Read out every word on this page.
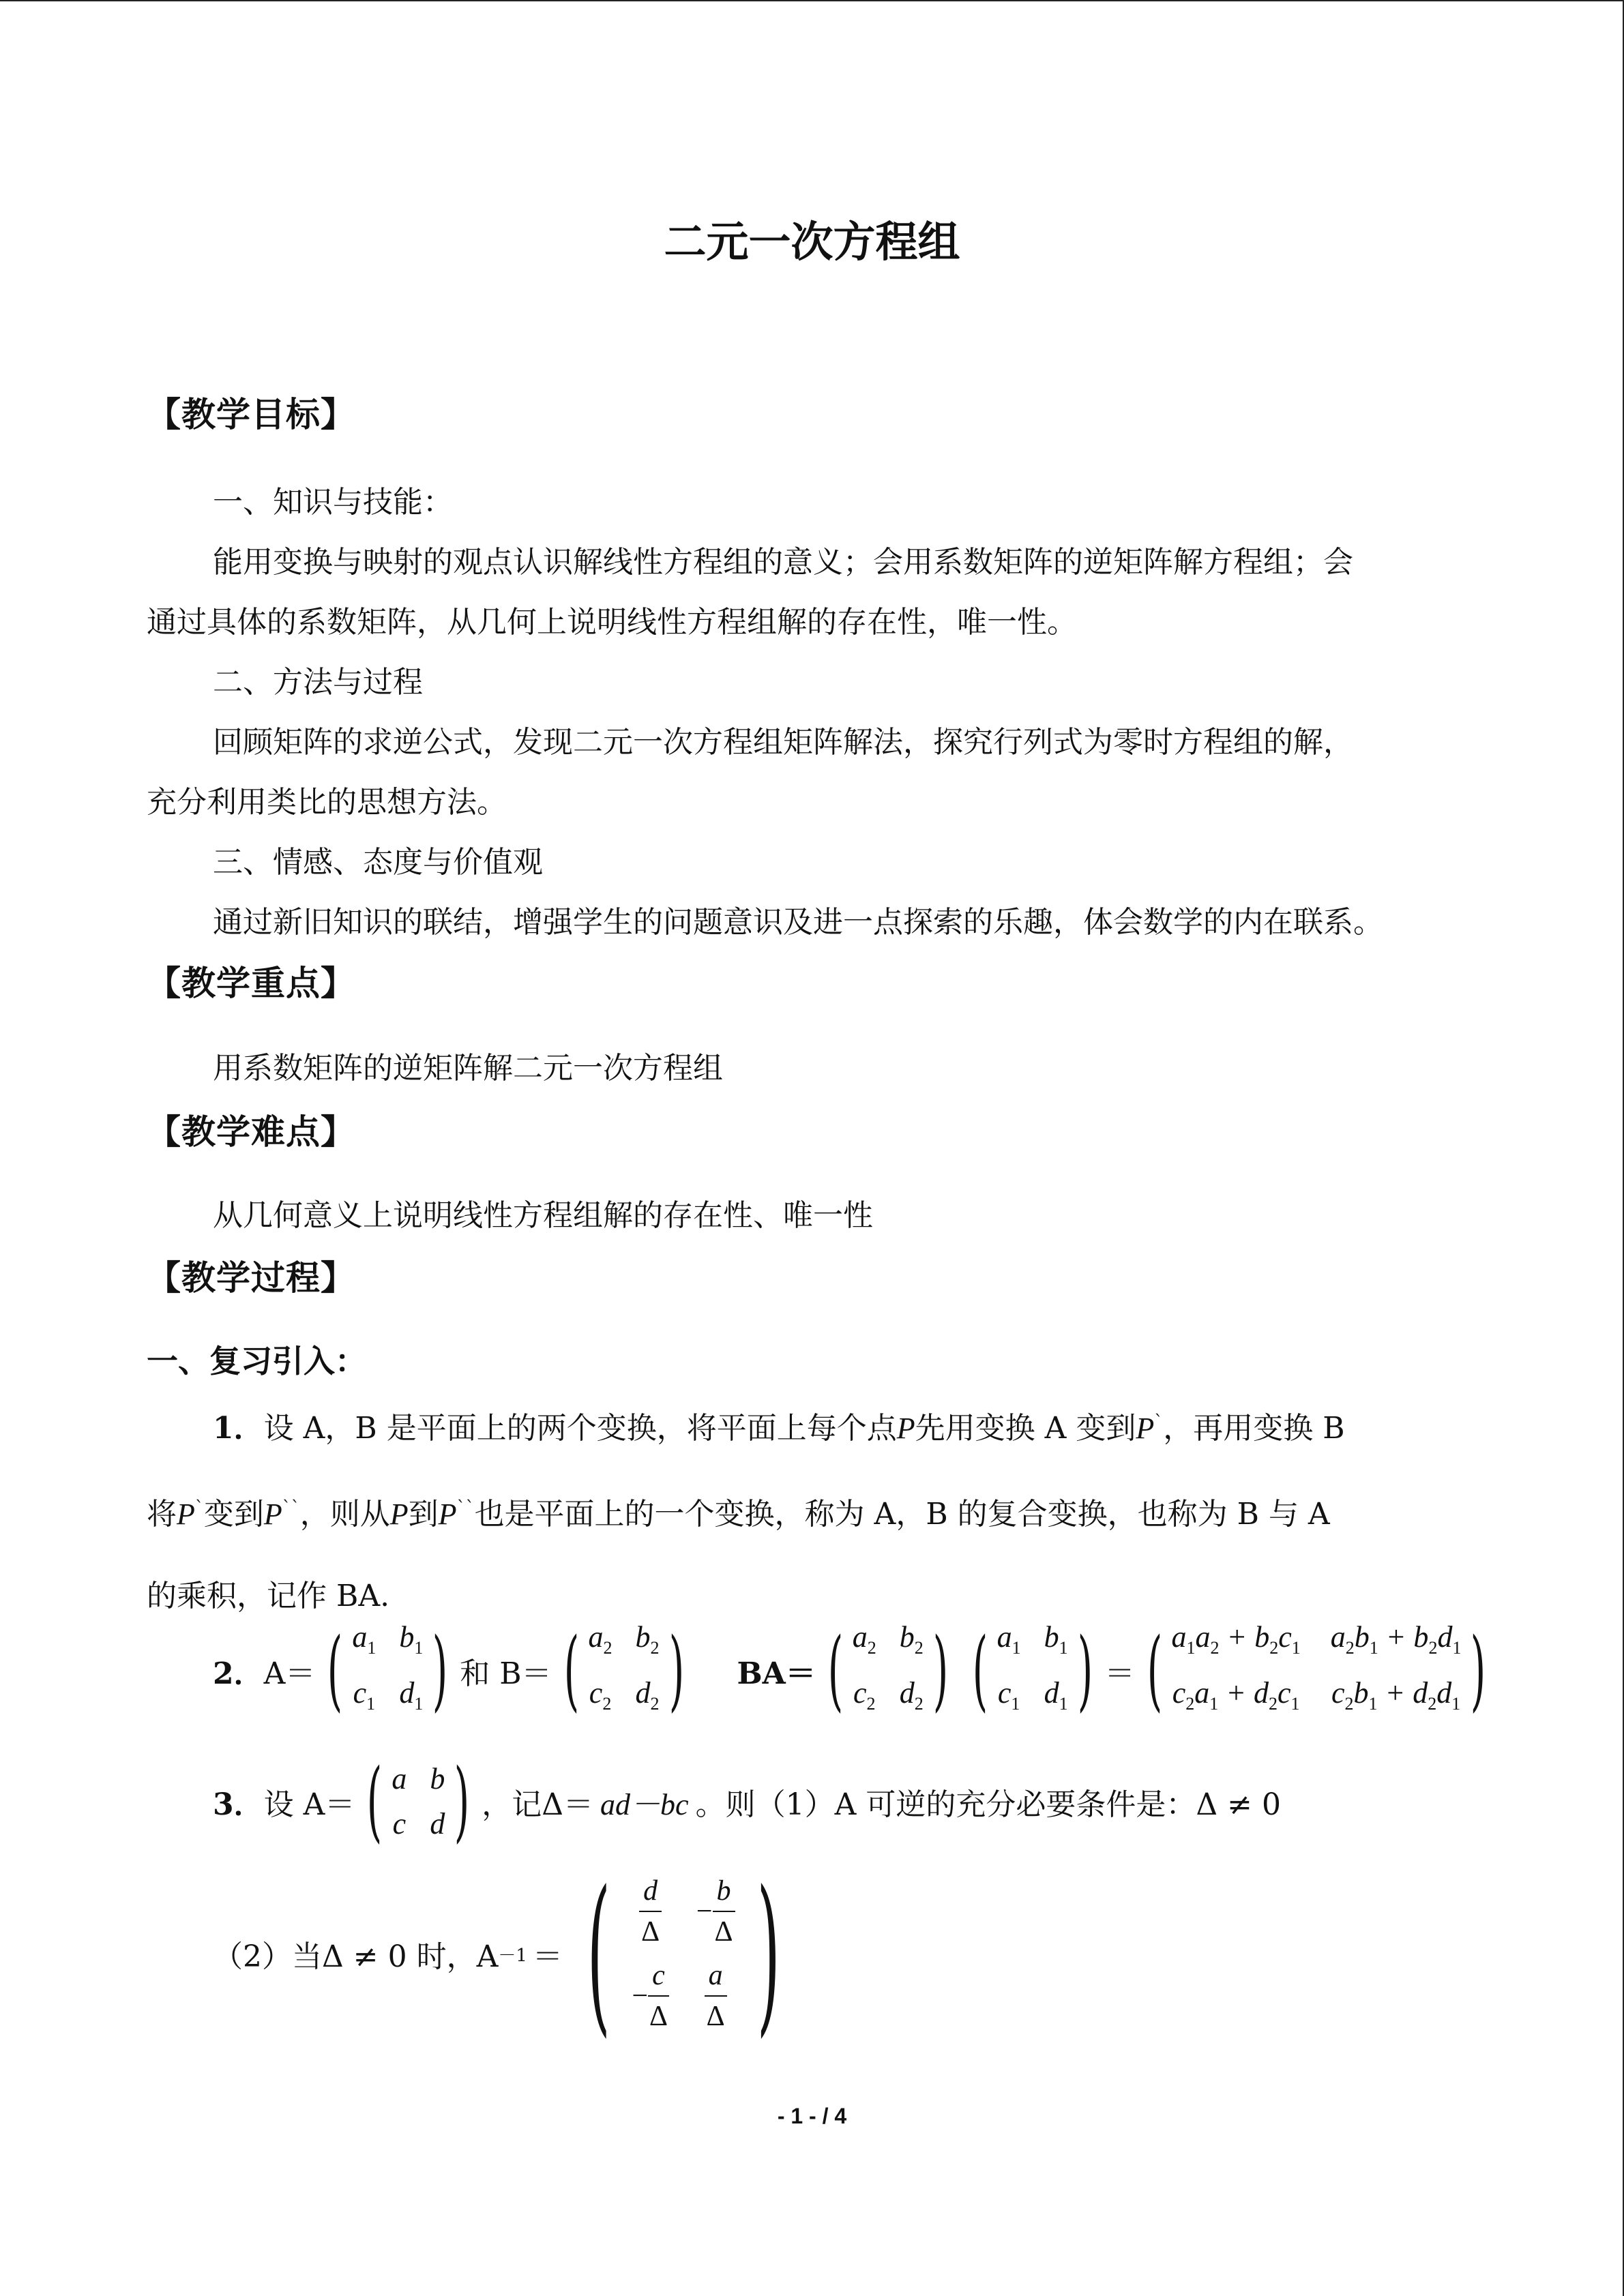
二元一次方程组
【教学目标】
一、知识与技能：
能用变换与映射的观点认识解线性方程组的意义；会用系数矩阵的逆矩阵解方程组；会
通过具体的系数矩阵，从几何上说明线性方程组解的存在性，唯一性。
二、方法与过程
回顾矩阵的求逆公式，发现二元一次方程组矩阵解法，探究行列式为零时方程组的解，
充分利用类比的思想方法。
三、情感、态度与价值观
通过新旧知识的联结，增强学生的问题意识及进一点探索的乐趣，体会数学的内在联系。
【教学重点】
用系数矩阵的逆矩阵解二元一次方程组
【教学难点】
从几何意义上说明线性方程组解的存在性、唯一性
【教学过程】
一、复习引入：
1．设 A，B 是平面上的两个变换，将平面上每个点P先用变换 A 变到$P^ˋ$，再用变换 B
将$P^ˋ$变到$P^{ˋˋ}$，则从P到$P^{ˋˋ}$也是平面上的一个变换，称为 A，B 的复合变换，也称为 B 与 A
的乘积，记作 BA.
2． A＝ ( $a_1$ $b_1$
$c_1$ $d_1$ ) 和 B＝ ( $a_2$ $b_2$
$c_2$ $d_2$ ) BA＝ ( $a_2$ $b_2$
$c_2$ $d_2$ ) ( $a_1$ $b_1$
$c_1$ $d_1$ ) ＝ ( $a_1a_2 + b_2c_1$ $a_2b_1 + b_2d_1$
$c_2a_1 + d_2c_1$ $c_2b_1 + d_2d_1$ )
3． 设 A＝ ( a b
c d ) ，记Δ＝ ad－bc 。则（1）A 可逆的充分必要条件是：Δ ≠ 0
（2）当Δ ≠ 0 时，A －1 ＝ ( $\frac{d}{\Delta} - \frac{b}{\Delta}$
− $\frac{c}{\Delta} \frac{a}{\Delta}$ )
- 1 - / 4
